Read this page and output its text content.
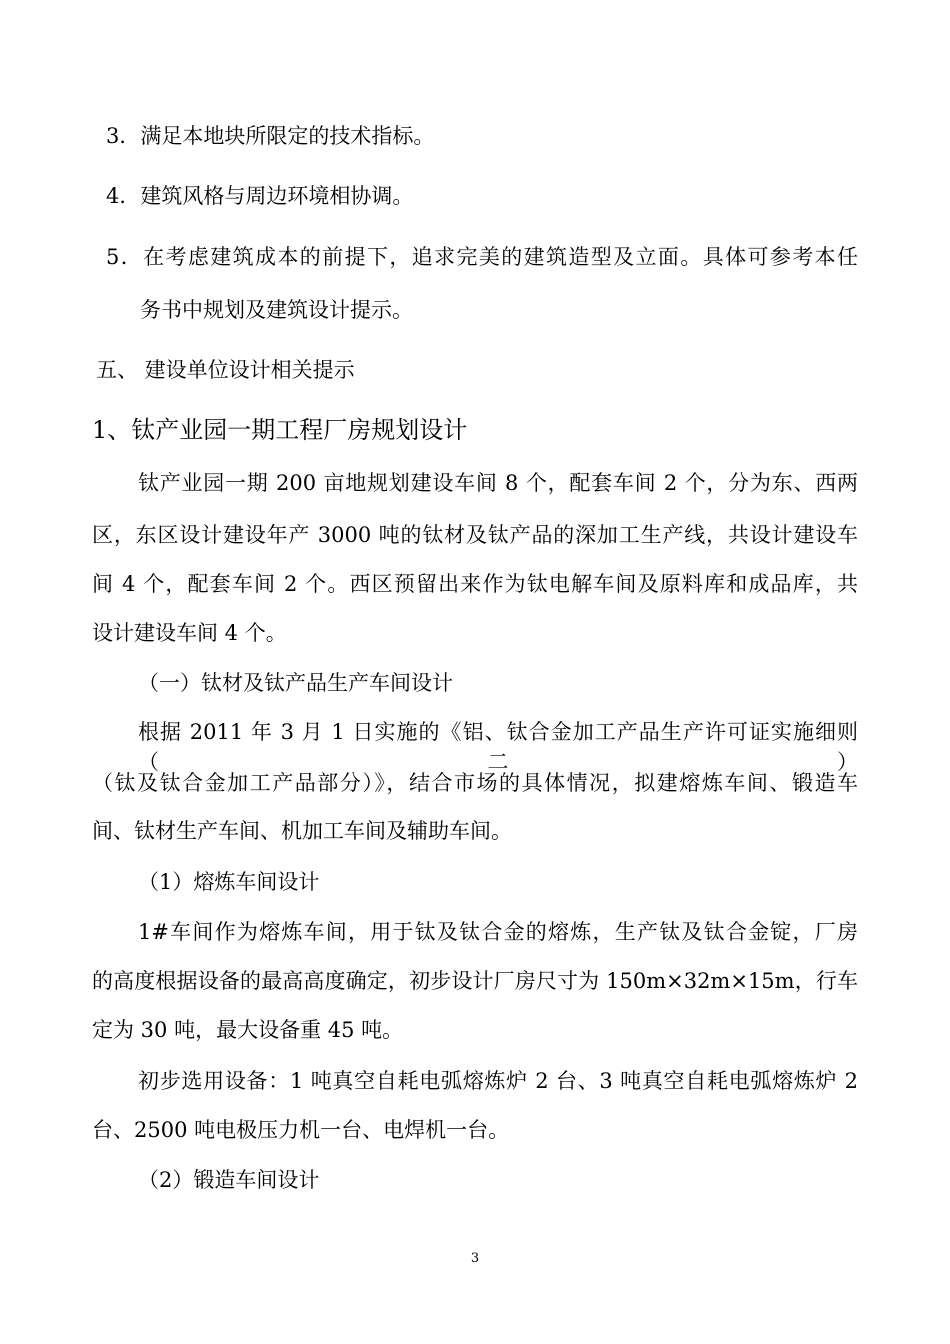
3．满足本地块所限定的技术指标。

4．建筑风格与周边环境相协调。

5．在考虑建筑成本的前提下，追求完美的建筑造型及立面。具体可参考本任

务书中规划及建筑设计提示。

五、 建设单位设计相关提示

1、钛产业园一期工程厂房规划设计

钛产业园一期 200 亩地规划建设车间 8 个，配套车间 2 个，分为东、西两

区，东区设计建设年产 3000 吨的钛材及钛产品的深加工生产线，共设计建设车

间 4 个，配套车间 2 个。西区预留出来作为钛电解车间及原料库和成品库，共

设计建设车间 4 个。

（一）钛材及钛产品生产车间设计

根据 2011 年 3 月 1 日实施的《铝、钛合金加工产品生产许可证实施细则（二）

（钛及钛合金加工产品部分）》，结合市场的具体情况，拟建熔炼车间、锻造车

间、钛材生产车间、机加工车间及辅助车间。

（1）熔炼车间设计

1#车间作为熔炼车间，用于钛及钛合金的熔炼，生产钛及钛合金锭，厂房

的高度根据设备的最高高度确定，初步设计厂房尺寸为 150m×32m×15m，行车

定为 30 吨，最大设备重 45 吨。

初步选用设备：1 吨真空自耗电弧熔炼炉 2 台、3 吨真空自耗电弧熔炼炉 2

台、2500 吨电极压力机一台、电焊机一台。

（2）锻造车间设计

3
